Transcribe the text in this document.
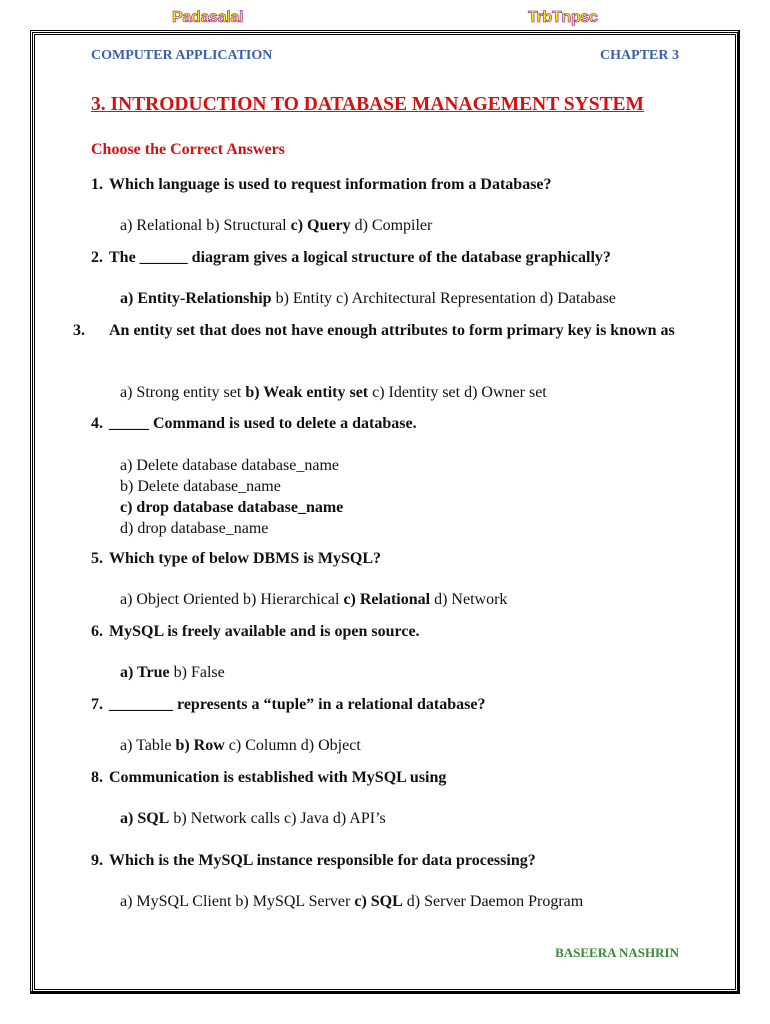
Padasalai	TrbTnpsc
COMPUTER APPLICATION	CHAPTER 3
3. INTRODUCTION TO DATABASE MANAGEMENT SYSTEM
Choose the Correct Answers
1. Which language is used to request information from a Database?
a) Relational b) Structural c) Query d) Compiler
2. The ______ diagram gives a logical structure of the database graphically?
a) Entity-Relationship b) Entity c) Architectural Representation d) Database
3. An entity set that does not have enough attributes to form primary key is known as
a) Strong entity set b) Weak entity set c) Identity set d) Owner set
4. _____ Command is used to delete a database.
a) Delete database database_name
b) Delete database_name
c) drop database database_name
d) drop database_name
5. Which type of below DBMS is MySQL?
a) Object Oriented b) Hierarchical c) Relational d) Network
6. MySQL is freely available and is open source.
a) True b) False
7. ________ represents a “tuple” in a relational database?
a) Table b) Row c) Column d) Object
8. Communication is established with MySQL using
a) SQL b) Network calls c) Java d) API’s
9. Which is the MySQL instance responsible for data processing?
a) MySQL Client b) MySQL Server c) SQL d) Server Daemon Program
BASEERA NASHRIN
